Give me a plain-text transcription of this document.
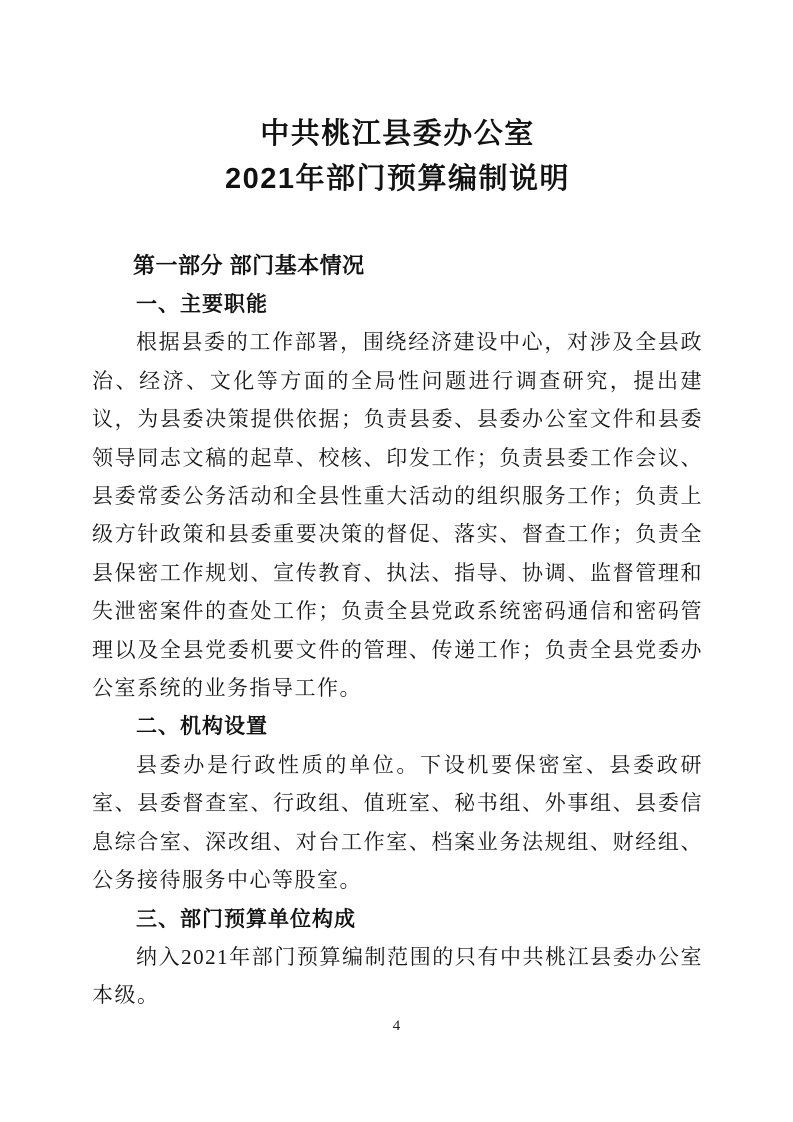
中共桃江县委办公室
2021年部门预算编制说明
第一部分 部门基本情况
一、主要职能
根据县委的工作部署，围绕经济建设中心，对涉及全县政
治、经济、文化等方面的全局性问题进行调查研究，提出建
议，为县委决策提供依据；负责县委、县委办公室文件和县委
领导同志文稿的起草、校核、印发工作；负责县委工作会议、
县委常委公务活动和全县性重大活动的组织服务工作；负责上
级方针政策和县委重要决策的督促、落实、督查工作；负责全
县保密工作规划、宣传教育、执法、指导、协调、监督管理和
失泄密案件的查处工作；负责全县党政系统密码通信和密码管
理以及全县党委机要文件的管理、传递工作；负责全县党委办
公室系统的业务指导工作。
二、机构设置
县委办是行政性质的单位。下设机要保密室、县委政研
室、县委督查室、行政组、值班室、秘书组、外事组、县委信
息综合室、深改组、对台工作室、档案业务法规组、财经组、
公务接待服务中心等股室。
三、部门预算单位构成
纳入2021年部门预算编制范围的只有中共桃江县委办公室
本级。
4
